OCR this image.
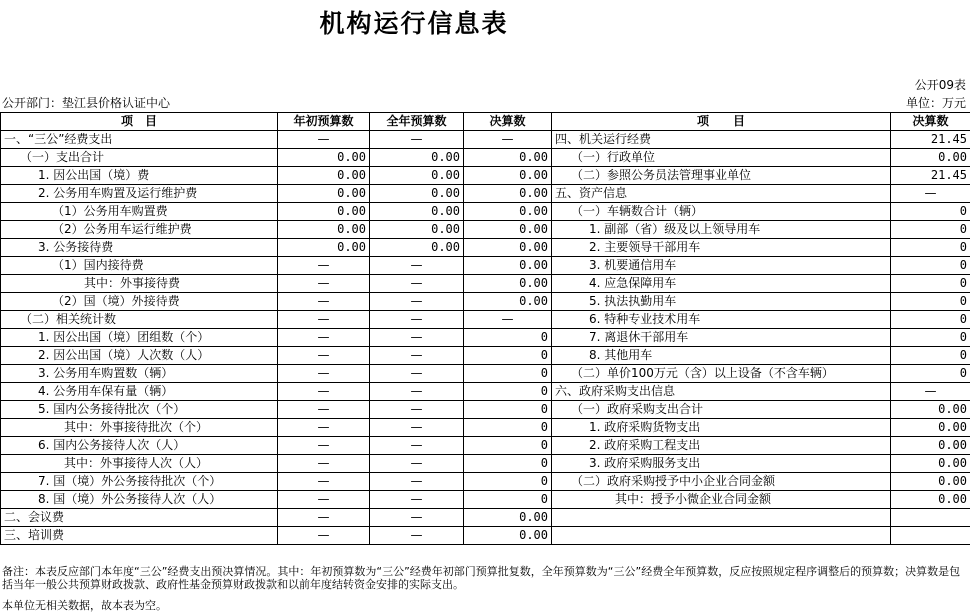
机构运行信息表
公开09表
公开部门：垫江县价格认证中心	单位：万元
项　目	年初预算数	全年预算数	决算数	项　　目	决算数
一、“三公”经费支出	—	—	—	四、机关运行经费	21.45
（一）支出合计	0.00	0.00	0.00	（一）行政单位	0.00
1. 因公出国（境）费	0.00	0.00	0.00	（二）参照公务员法管理事业单位	21.45
2. 公务用车购置及运行维护费	0.00	0.00	0.00	五、资产信息	—
（1）公务用车购置费	0.00	0.00	0.00	（一）车辆数合计（辆）	0
（2）公务用车运行维护费	0.00	0.00	0.00	1. 副部（省）级及以上领导用车	0
3. 公务接待费	0.00	0.00	0.00	2. 主要领导干部用车	0
（1）国内接待费	—	—	0.00	3. 机要通信用车	0
其中：外事接待费	—	—	0.00	4. 应急保障用车	0
（2）国（境）外接待费	—	—	0.00	5. 执法执勤用车	0
（二）相关统计数	—	—	—	6. 特种专业技术用车	0
1. 因公出国（境）团组数（个）	—	—	0	7. 离退休干部用车	0
2. 因公出国（境）人次数（人）	—	—	0	8. 其他用车	0
3. 公务用车购置数（辆）	—	—	0	（二）单价100万元（含）以上设备（不含车辆）	0
4. 公务用车保有量（辆）	—	—	0	六、政府采购支出信息	—
5. 国内公务接待批次（个）	—	—	0	（一）政府采购支出合计	0.00
其中：外事接待批次（个）	—	—	0	1. 政府采购货物支出	0.00
6. 国内公务接待人次（人）	—	—	0	2. 政府采购工程支出	0.00
其中：外事接待人次（人）	—	—	0	3. 政府采购服务支出	0.00
7. 国（境）外公务接待批次（个）	—	—	0	（二）政府采购授予中小企业合同金额	0.00
8. 国（境）外公务接待人次（人）	—	—	0	其中：授予小微企业合同金额	0.00
二、会议费	—	—	0.00		
三、培训费	—	—	0.00		
备注：本表反应部门本年度“三公”经费支出预决算情况。其中：年初预算数为“三公”经费年初部门预算批复数，全年预算数为“三公”经费全年预算数，反应按照规定程序调整后的预算数；决算数是包括当年一般公共预算财政拨款、政府性基金预算财政拨款和以前年度结转资金安排的实际支出。
本单位无相关数据，故本表为空。
